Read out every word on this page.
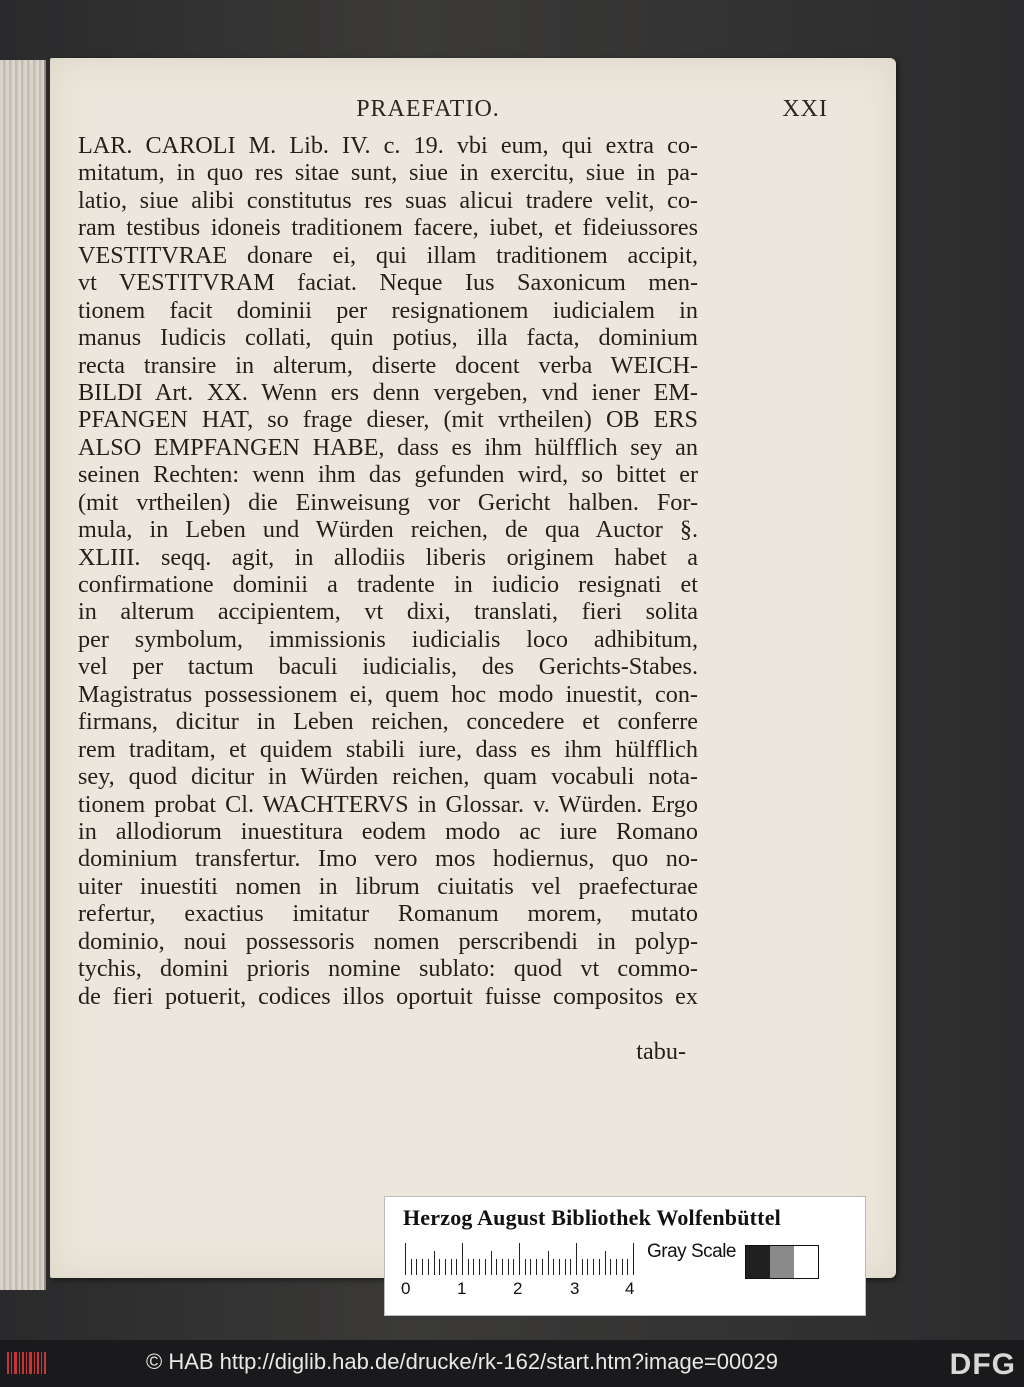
PRAEFATIO.	XXI
LAR. CAROLI M. Lib. IV. c. 19. vbi eum, qui extra co-
mitatum, in quo res sitae sunt, siue in exercitu, siue in pa-
latio, siue alibi constitutus res suas alicui tradere velit, co-
ram testibus idoneis traditionem facere, iubet, et fideiussores
VESTITVRAE donare ei, qui illam traditionem accipit,
vt VESTITVRAM faciat. Neque Ius Saxonicum men-
tionem facit dominii per resignationem iudicialem in
manus Iudicis collati, quin potius, illa facta, dominium
recta transire in alterum, diserte docent verba WEICH-
BILDI Art. XX. Wenn ers denn vergeben, vnd iener EM-
PFANGEN HAT, so frage dieser, (mit vrtheilen) OB ERS
ALSO EMPFANGEN HABE, dass es ihm hülfflich sey an
seinen Rechten: wenn ihm das gefunden wird, so bittet er
(mit vrtheilen) die Einweisung vor Gericht halben. For-
mula, in Leben und Würden reichen, de qua Auctor §.
XLIII. seqq. agit, in allodiis liberis originem habet a
confirmatione dominii a tradente in iudicio resignati et
in alterum accipientem, vt dixi, translati, fieri solita
per symbolum, immissionis iudicialis loco adhibitum,
vel per tactum baculi iudicialis, des Gerichts-Stabes.
Magistratus possessionem ei, quem hoc modo inuestit, con-
firmans, dicitur in Leben reichen, concedere et conferre
rem traditam, et quidem stabili iure, dass es ihm hülfflich
sey, quod dicitur in Würden reichen, quam vocabuli nota-
tionem probat Cl. WACHTERVS in Glossar. v. Würden. Ergo
in allodiorum inuestitura eodem modo ac iure Romano
dominium transfertur. Imo vero mos hodiernus, quo no-
uiter inuestiti nomen in librum ciuitatis vel praefecturae
refertur, exactius imitatur Romanum morem, mutato
dominio, noui possessoris nomen perscribendi in polyp-
tychis, domini prioris nomine sublato: quod vt commo-
de fieri potuerit, codices illos oportuit fuisse compositos ex
tabu-
Herzog August Bibliothek Wolfenbüttel
0	1	2	3	4
Gray Scale
© HAB http://diglib.hab.de/drucke/rk-162/start.htm?image=00029	DFG
